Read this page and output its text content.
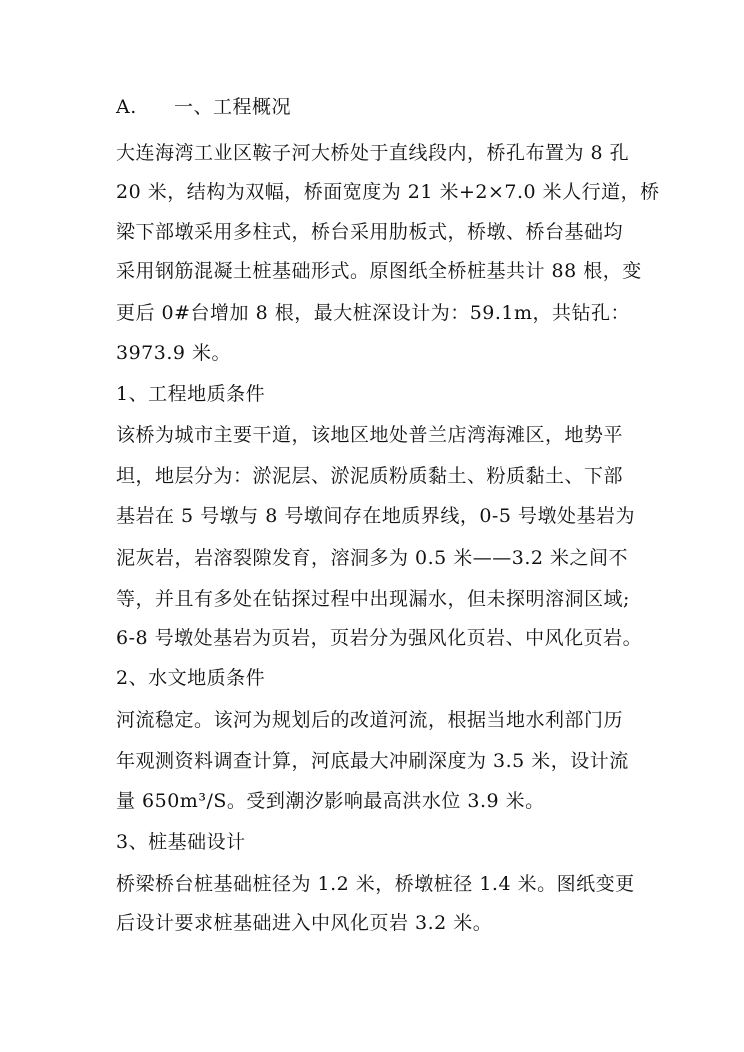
A. 一、工程概况
大连海湾工业区鞍子河大桥处于直线段内，桥孔布置为 8 孔
20 米，结构为双幅，桥面宽度为 21 米+2×7.0 米人行道，桥
梁下部墩采用多柱式，桥台采用肋板式，桥墩、桥台基础均
采用钢筋混凝土桩基础形式。原图纸全桥桩基共计 88 根，变
更后 0#台增加 8 根，最大桩深设计为：59.1m，共钻孔：
3973.9 米。
1、工程地质条件
该桥为城市主要干道，该地区地处普兰店湾海滩区，地势平
坦，地层分为：淤泥层、淤泥质粉质黏土、粉质黏土、下部
基岩在 5 号墩与 8 号墩间存在地质界线，0-5 号墩处基岩为
泥灰岩，岩溶裂隙发育，溶洞多为 0.5 米——3.2 米之间不
等，并且有多处在钻探过程中出现漏水，但未探明溶洞区域;
6-8 号墩处基岩为页岩，页岩分为强风化页岩、中风化页岩。
2、水文地质条件
河流稳定。该河为规划后的改道河流，根据当地水利部门历
年观测资料调查计算，河底最大冲刷深度为 3.5 米，设计流
量 650m³/S。受到潮汐影响最高洪水位 3.9 米。
3、桩基础设计
桥梁桥台桩基础桩径为 1.2 米，桥墩桩径 1.4 米。图纸变更
后设计要求桩基础进入中风化页岩 3.2 米。
